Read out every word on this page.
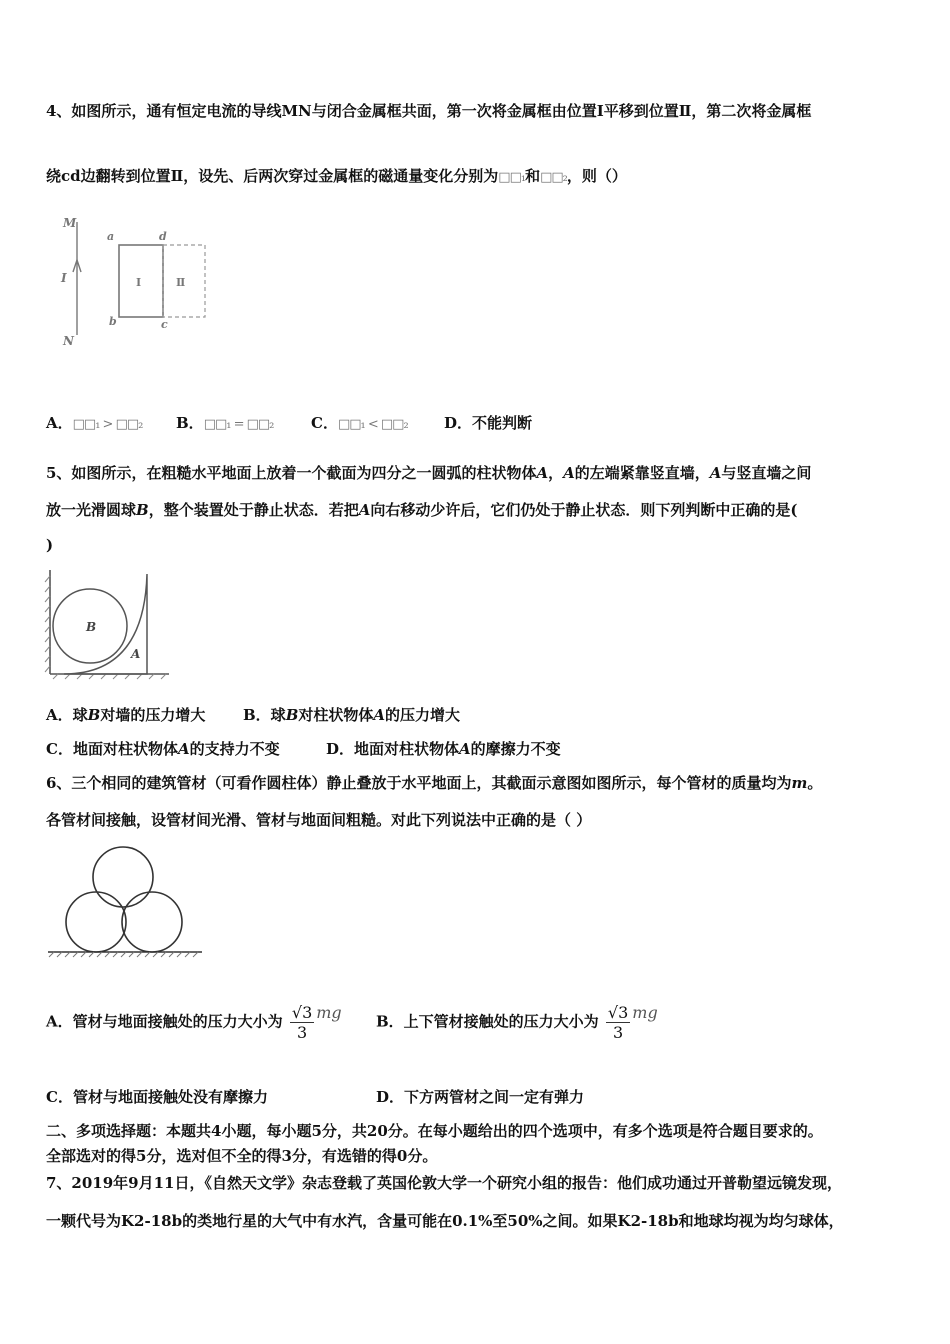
4、如图所示，通有恒定电流的导线MN与闭合金属框共面，第一次将金属框由位置Ⅰ平移到位置Ⅱ，第二次将金属框
绕cd边翻转到位置Ⅱ，设先、后两次穿过金属框的磁通量变化分别为□□₁和□□₂，则（）
M
I
N
a	d
b	c
Ⅰ	Ⅱ
A．□□₁ > □□₂ B．□□₁ = □□₂	C．□□₁ < □□₂ D．不能判断
5、如图所示，在粗糙水平地面上放着一个截面为四分之一圆弧的柱状物体A，A的左端紧靠竖直墙，A与竖直墙之间
放一光滑圆球B，整个装置处于静止状态．若把A向右移动少许后，它们仍处于静止状态．则下列判断中正确的是(
)
B
A
A．球B对墙的压力增大	B．球B对柱状物体A的压力增大
C．地面对柱状物体A的支持力不变	D．地面对柱状物体A的摩擦力不变
6、三个相同的建筑管材（可看作圆柱体）静止叠放于水平地面上，其截面示意图如图所示，每个管材的质量均为m。
各管材间接触，设管材间光滑、管材与地面间粗糙。对此下列说法中正确的是（ ）
A．管材与地面接触处的压力大小为 $\frac{√3}{3}$ mg B．上下管材接触处的压力大小为 $\frac{√3}{3}$ mg
C．管材与地面接触处没有摩擦力	D．下方两管材之间一定有弹力
二、多项选择题：本题共4小题，每小题5分，共20分。在每小题给出的四个选项中，有多个选项是符合题目要求的。
全部选对的得5分，选对但不全的得3分，有选错的得0分。
7、2019年9月11日，《自然天文学》杂志登载了英国伦敦大学一个研究小组的报告：他们成功通过开普勒望远镜发现，
一颗代号为K2-18b的类地行星的大气中有水汽，含量可能在0.1%至50%之间。如果K2-18b和地球均视为均匀球体，
